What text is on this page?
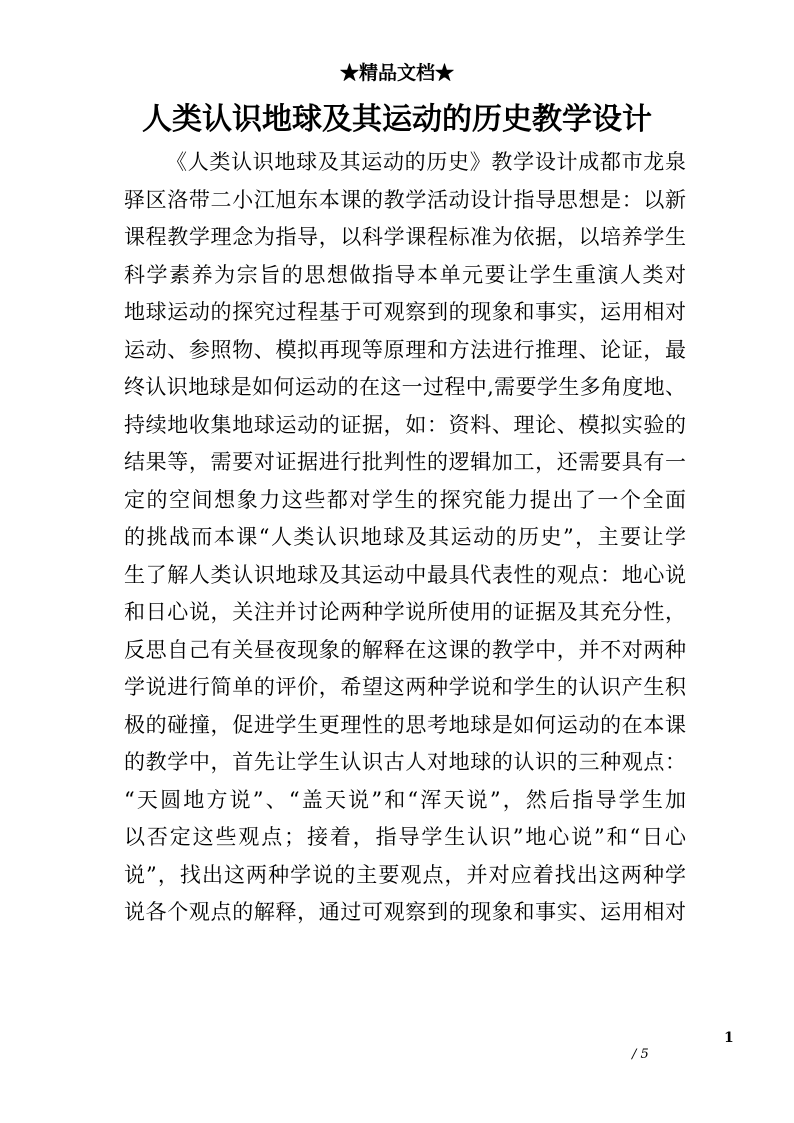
★精品文档★
人类认识地球及其运动的历史教学设计
《人类认识地球及其运动的历史》教学设计成都市龙泉
驿区洛带二小江旭东本课的教学活动设计指导思想是：以新
课程教学理念为指导，以科学课程标准为依据，以培养学生
科学素养为宗旨的思想做指导本单元要让学生重演人类对
地球运动的探究过程基于可观察到的现象和事实，运用相对
运动、参照物、模拟再现等原理和方法进行推理、论证，最
终认识地球是如何运动的在这一过程中,需要学生多角度地、
持续地收集地球运动的证据，如：资料、理论、模拟实验的
结果等，需要对证据进行批判性的逻辑加工，还需要具有一
定的空间想象力这些都对学生的探究能力提出了一个全面
的挑战而本课“人类认识地球及其运动的历史”，主要让学
生了解人类认识地球及其运动中最具代表性的观点：地心说
和日心说，关注并讨论两种学说所使用的证据及其充分性，
反思自己有关昼夜现象的解释在这课的教学中，并不对两种
学说进行简单的评价，希望这两种学说和学生的认识产生积
极的碰撞，促进学生更理性的思考地球是如何运动的在本课
的教学中，首先让学生认识古人对地球的认识的三种观点：
“天圆地方说”、“盖天说”和“浑天说”，然后指导学生加
以否定这些观点；接着，指导学生认识”地心说”和“日心
说”，找出这两种学说的主要观点，并对应着找出这两种学
说各个观点的解释，通过可观察到的现象和事实、运用相对
1
/ 5
